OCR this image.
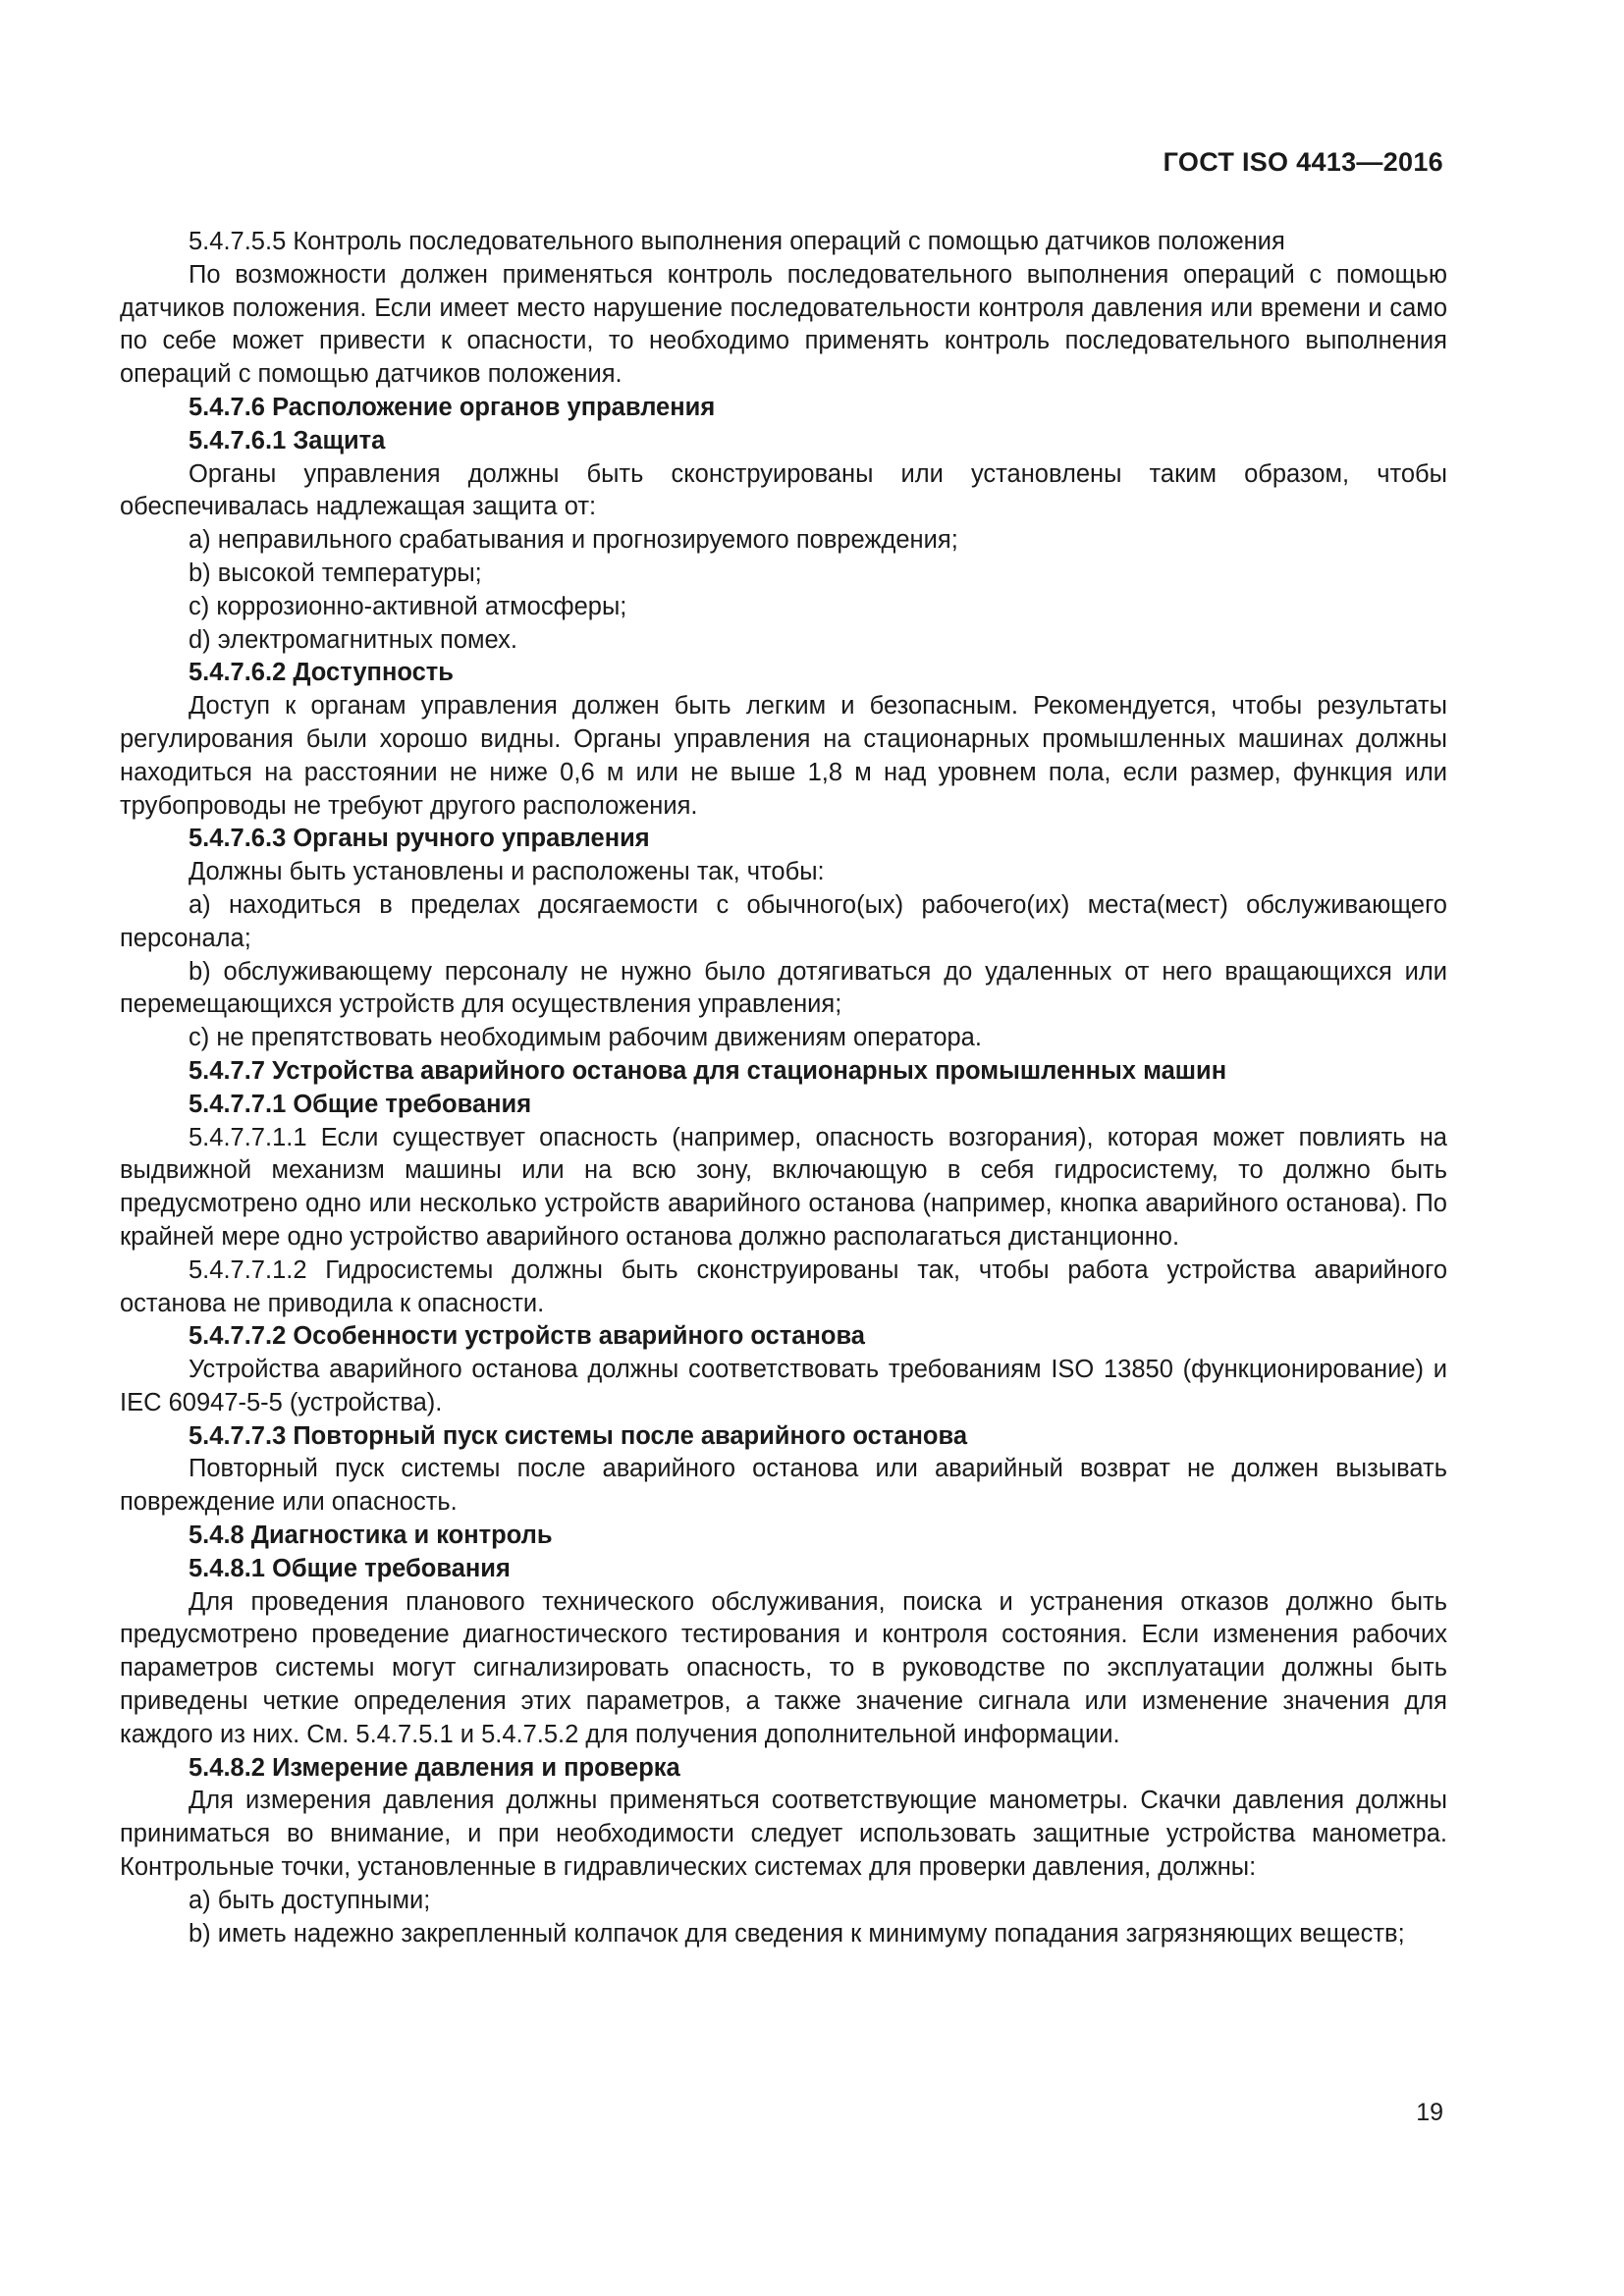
ГОСТ ISO 4413—2016
5.4.7.5.5 Контроль последовательного выполнения операций с помощью датчиков положения
По возможности должен применяться контроль последовательного выполнения операций с помощью датчиков положения. Если имеет место нарушение последовательности контроля давления или времени и само по себе может привести к опасности, то необходимо применять контроль последовательного выполнения операций с помощью датчиков положения.
5.4.7.6 Расположение органов управления
5.4.7.6.1 Защита
Органы управления должны быть сконструированы или установлены таким образом, чтобы обеспечивалась надлежащая защита от:
a) неправильного срабатывания и прогнозируемого повреждения;
b) высокой температуры;
c) коррозионно-активной атмосферы;
d) электромагнитных помех.
5.4.7.6.2 Доступность
Доступ к органам управления должен быть легким и безопасным. Рекомендуется, чтобы результаты регулирования были хорошо видны. Органы управления на стационарных промышленных машинах должны находиться на расстоянии не ниже 0,6 м или не выше 1,8 м над уровнем пола, если размер, функция или трубопроводы не требуют другого расположения.
5.4.7.6.3 Органы ручного управления
Должны быть установлены и расположены так, чтобы:
a) находиться в пределах досягаемости с обычного(ых) рабочего(их) места(мест) обслуживающего персонала;
b) обслуживающему персоналу не нужно было дотягиваться до удаленных от него вращающихся или перемещающихся устройств для осуществления управления;
c) не препятствовать необходимым рабочим движениям оператора.
5.4.7.7 Устройства аварийного останова для стационарных промышленных машин
5.4.7.7.1 Общие требования
5.4.7.7.1.1 Если существует опасность (например, опасность возгорания), которая может повлиять на выдвижной механизм машины или на всю зону, включающую в себя гидросистему, то должно быть предусмотрено одно или несколько устройств аварийного останова (например, кнопка аварийного останова). По крайней мере одно устройство аварийного останова должно располагаться дистанционно.
5.4.7.7.1.2 Гидросистемы должны быть сконструированы так, чтобы работа устройства аварийного останова не приводила к опасности.
5.4.7.7.2 Особенности устройств аварийного останова
Устройства аварийного останова должны соответствовать требованиям ISO 13850 (функционирование) и IEC 60947-5-5 (устройства).
5.4.7.7.3 Повторный пуск системы после аварийного останова
Повторный пуск системы после аварийного останова или аварийный возврат не должен вызывать повреждение или опасность.
5.4.8 Диагностика и контроль
5.4.8.1 Общие требования
Для проведения планового технического обслуживания, поиска и устранения отказов должно быть предусмотрено проведение диагностического тестирования и контроля состояния. Если изменения рабочих параметров системы могут сигнализировать опасность, то в руководстве по эксплуатации должны быть приведены четкие определения этих параметров, а также значение сигнала или изменение значения для каждого из них. См. 5.4.7.5.1 и 5.4.7.5.2 для получения дополнительной информации.
5.4.8.2 Измерение давления и проверка
Для измерения давления должны применяться соответствующие манометры. Скачки давления должны приниматься во внимание, и при необходимости следует использовать защитные устройства манометра. Контрольные точки, установленные в гидравлических системах для проверки давления, должны:
a) быть доступными;
b) иметь надежно закрепленный колпачок для сведения к минимуму попадания загрязняющих веществ;
19
